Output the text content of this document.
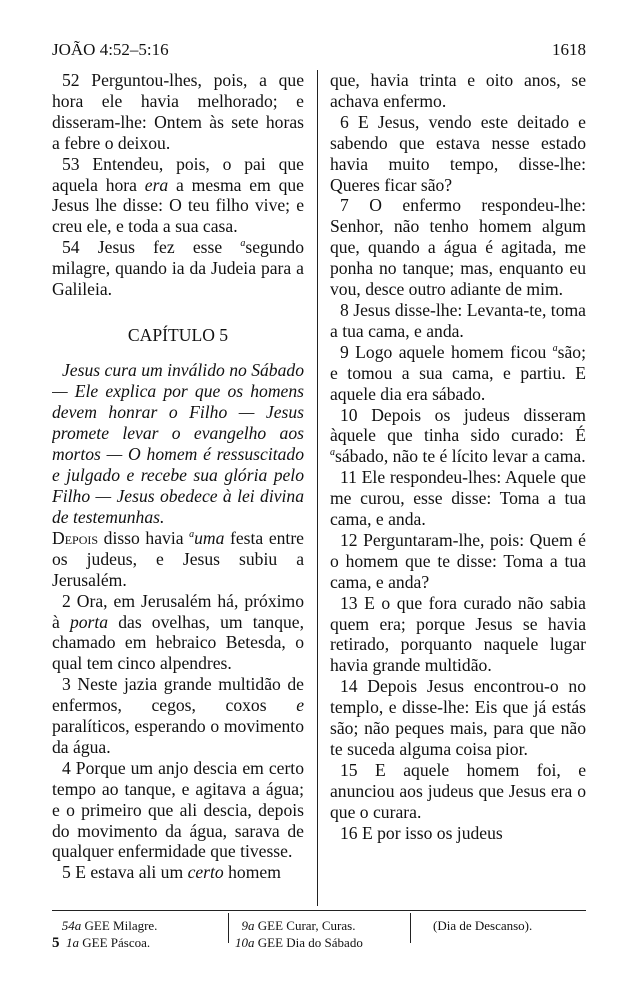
JOÃO 4:52–5:16	1618

52 Perguntou-lhes, pois, a que hora ele havia melhorado; e disseram-lhe: Ontem às sete horas a febre o deixou.

53 Entendeu, pois, o pai que aquela hora era a mesma em que Jesus lhe disse: O teu filho vive; e creu ele, e toda a sua casa.

54 Jesus fez esse $^a$segundo milagre, quando ia da Judeia para a Galileia.

CAPÍTULO 5

Jesus cura um inválido no Sábado — Ele explica por que os homens devem honrar o Filho — Jesus promete levar o evangelho aos mortos — O homem é ressuscitado e julgado e recebe sua glória pelo Filho — Jesus obedece à lei divina de testemunhas.

Depois disso havia $^a$uma festa entre os judeus, e Jesus subiu a Jerusalém.

2 Ora, em Jerusalém há, próximo à porta das ovelhas, um tanque, chamado em hebraico Betesda, o qual tem cinco alpendres.

3 Neste jazia grande multidão de enfermos, cegos, coxos e paralíticos, esperando o movimento da água.

4 Porque um anjo descia em certo tempo ao tanque, e agitava a água; e o primeiro que ali descia, depois do movimento da água, sarava de qualquer enfermidade que tivesse.

5 E estava ali um certo homem

que, havia trinta e oito anos, se achava enfermo.

6 E Jesus, vendo este deitado e sabendo que estava nesse estado havia muito tempo, disse-lhe: Queres ficar são?

7 O enfermo respondeu-lhe: Senhor, não tenho homem algum que, quando a água é agitada, me ponha no tanque; mas, enquanto eu vou, desce outro adiante de mim.

8 Jesus disse-lhe: Levanta-te, toma a tua cama, e anda.

9 Logo aquele homem ficou $^a$são; e tomou a sua cama, e partiu. E aquele dia era sábado.

10 Depois os judeus disseram àquele que tinha sido curado: É $^a$sábado, não te é lícito levar a cama.

11 Ele respondeu-lhes: Aquele que me curou, esse disse: Toma a tua cama, e anda.

12 Perguntaram-lhe, pois: Quem é o homem que te disse: Toma a tua cama, e anda?

13 E o que fora curado não sabia quem era; porque Jesus se havia retirado, porquanto naquele lugar havia grande multidão.

14 Depois Jesus encontrou-o no templo, e disse-lhe: Eis que já estás são; não peques mais, para que não te suceda alguma coisa pior.

15 E aquele homem foi, e anunciou aos judeus que Jesus era o que o curara.

16 E por isso os judeus

54a GEE Milagre.
5 1a GEE Páscoa.
9a GEE Curar, Curas.
10a GEE Dia do Sábado
(Dia de Descanso).
